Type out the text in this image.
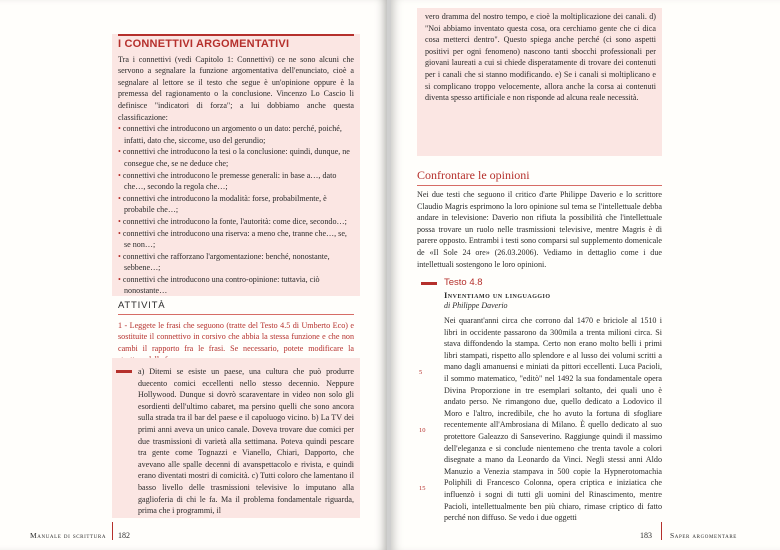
I CONNETTIVI ARGOMENTATIVI

Tra i connettivi (vedi Capitolo 1: Connettivi) ce ne sono alcuni che servono a segnalare la funzione argomentativa dell'enunciato, cioè a segnalare al lettore se il testo che segue è un'opinione oppure è la premessa del ragionamento o la conclusione. Vincenzo Lo Cascio li definisce "indicatori di forza"; a lui dobbiamo anche questa classificazione:

• connettivi che introducono un argomento o un dato: perché, poiché, infatti, dato che, siccome, uso del gerundio;
• connettivi che introducono la tesi o la conclusione: quindi, dunque, ne consegue che, se ne deduce che;
• connettivi che introducono le premesse generali: in base a…, dato che…, secondo la regola che…;
• connettivi che introducono la modalità: forse, probabilmente, è probabile che…;
• connettivi che introducono la fonte, l'autorità: come dice, secondo…;
• connettivi che introducono una riserva: a meno che, tranne che…, se, se non…;
• connettivi che rafforzano l'argomentazione: benché, nonostante, sebbene…;
• connettivi che introducono una contro-opinione: tuttavia, ciò nonostante…
ATTIVITÀ

1 - Leggete le frasi che seguono (tratte del Testo 4.5 di Umberto Eco) e sostituite il connettivo in corsivo che abbia la stessa funzione e che non cambi il rapporto fra le frasi. Se necessario, potete modificare la

a) Ditemi se esiste un paese, una cultura che può produrre duecento comici eccellenti nello stesso decennio. Neppure Hollywood. Dunque si dovrò scaraventare in video non solo gli esordienti dell'ultimo cabaret, ma persino quelli che sono ancora sulla strada tra il bar del paese e il capoluogo vicino. b) La TV dei primi anni aveva un unico canale. Doveva trovare due comici per due trasmissioni di varietà alla settimana. Poteva quindi pescare tra gente come Tognazzi e Vianello, Chiari, Dapporto, che avevano alle spalle decenni di avanspettacolo e rivista, e quindi erano diventati mostri di comicità. c) Tutti coloro che lamentano il basso livello delle trasmissioni televisive lo imputano alla gaglioferia di chi le fa. Ma il problema fondamentale riguarda, prima che i programmi, il

Manuale di scrittura 182

vero dramma del nostro tempo, e cioè la moltiplicazione dei canali. d) "Noi abbiamo inventato questa cosa, ora cerchiamo gente che ci dica cosa metterci dentro". Questo spiega anche perché (ci sono aspetti positivi per ogni fenomeno) nascono tanti sbocchi professionali per giovani laureati a cui si chiede disperatamente di trovare dei contenuti per i canali che si stanno modificando. e) Se i canali si moltiplicano e si complicano troppo velocemente, allora anche la corsa ai contenuti diventa spesso artificiale e non risponde ad alcuna reale necessità.

Confrontare le opinioni

Nei due testi che seguono il critico d'arte Philippe Daverio e lo scrittore Claudio Magris esprimono la loro opinione sul tema se l'intellettuale debba andare in televisione: Daverio non rifiuta la possibilità che l'intellettuale possa trovare un ruolo nelle trasmissioni televisive, mentre Magris è di parere opposto. Entrambi i testi sono comparsi sul supplemento domenicale de «Il Sole 24 ore» (26.03.2006). Vediamo in dettaglio come i due intellettuali sostengono le loro opinioni.

Testo 4.8
Inventiamo un linguaggio
di Philippe Daverio

Nei quarant'anni circa che corrono dal 1470 e briciole al 1510 i libri in occidente passarono da 300mila a trenta milioni circa. Si stava diffondendo la stampa. Certo non erano molto belli i primi libri stampati, rispetto allo splendore e al lusso dei volumi scritti a mano dagli amanuensi e miniati da pittori eccellenti. Luca Pacioli, il sommo matematico, "editò" nel 1492 la sua fondamentale opera Divina Proporzione in tre esemplari soltanto, dei quali uno è andato perso. Ne rimangono due, quello dedicato a Lodovico il Moro e l'altro, incredibile, che ho avuto la fortuna di sfogliare recentemente all'Ambrosiana di Milano. È quello dedicato al suo protettore Galeazzo di Sanseverino. Raggiunge quindi il massimo dell'eleganza e si conclude nientemeno che trenta tavole a colori disegnate a mano da Leonardo da Vinci. Negli stessi anni Aldo Manuzio a Venezia stampava in 500 copie la Hypnerotomachia Poliphili di Francesco Colonna, opera criptica e iniziatica che influenzò i sogni di tutti gli uomini del Rinascimento, mentre Pacioli, intellettualmente ben più chiaro, rimase criptico di fatto perché non diffuso. Se vedo i due oggetti

5
10
15
183 Saper argomentare
